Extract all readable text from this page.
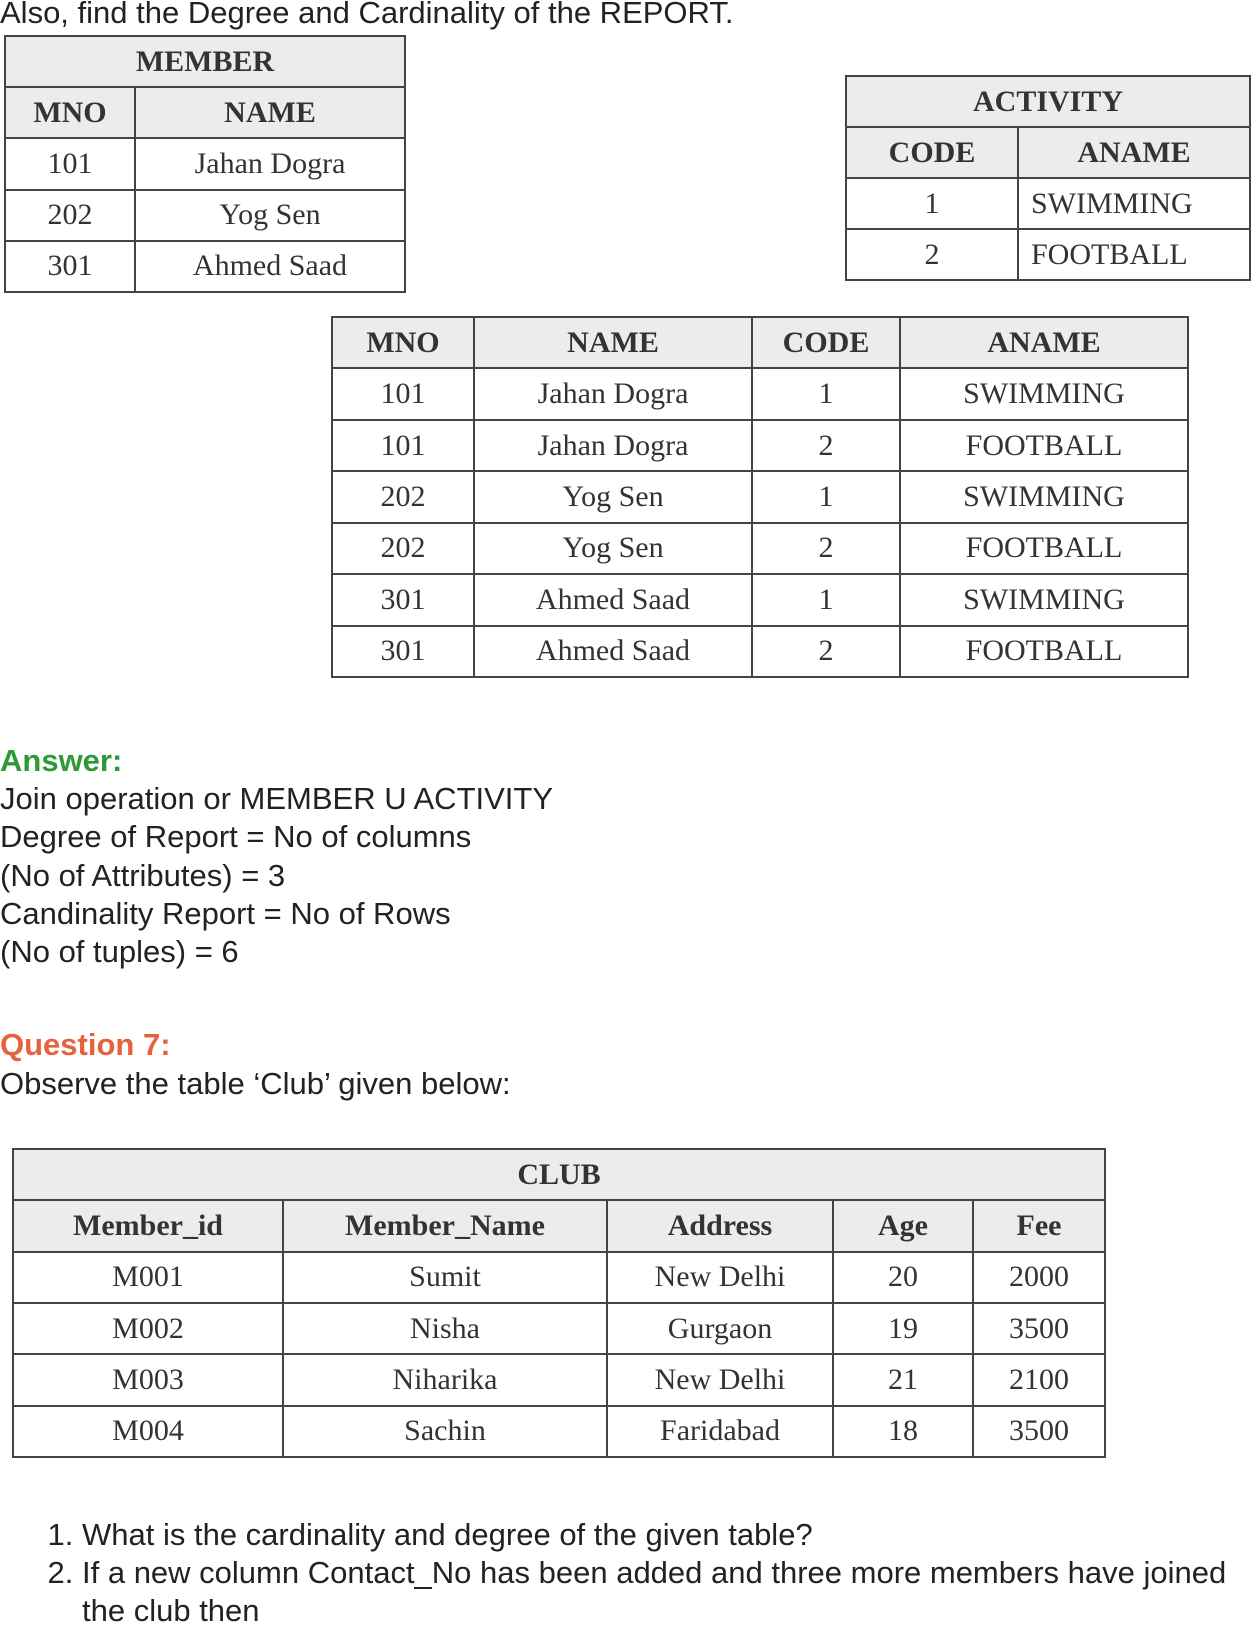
Also, find the Degree and Cardinality of the REPORT.
MEMBER	
MNO	NAME
101	Jahan Dogra
202	Yog Sen
301	Ahmed Saad
ACTIVITY	
CODE	ANAME
1	SWIMMING
2	FOOTBALL
MNO	NAME	CODE	ANAME
101	Jahan Dogra	1	SWIMMING
101	Jahan Dogra	2	FOOTBALL
202	Yog Sen	1	SWIMMING
202	Yog Sen	2	FOOTBALL
301	Ahmed Saad	1	SWIMMING
301	Ahmed Saad	2	FOOTBALL
Answer:
Join operation or MEMBER U ACTIVITY
Degree of Report = No of columns
(No of Attributes) = 3
Candinality Report = No of Rows
(No of tuples) = 6
Question 7:
Observe the table ‘Club’ given below:
CLUB				
Member_id	Member_Name	Address	Age	Fee
M001	Sumit	New Delhi	20	2000
M002	Nisha	Gurgaon	19	3500
M003	Niharika	New Delhi	21	2100
M004	Sachin	Faridabad	18	3500
1. What is the cardinality and degree of the given table?
2. If a new column Contact_No has been added and three more members have joined the club then
